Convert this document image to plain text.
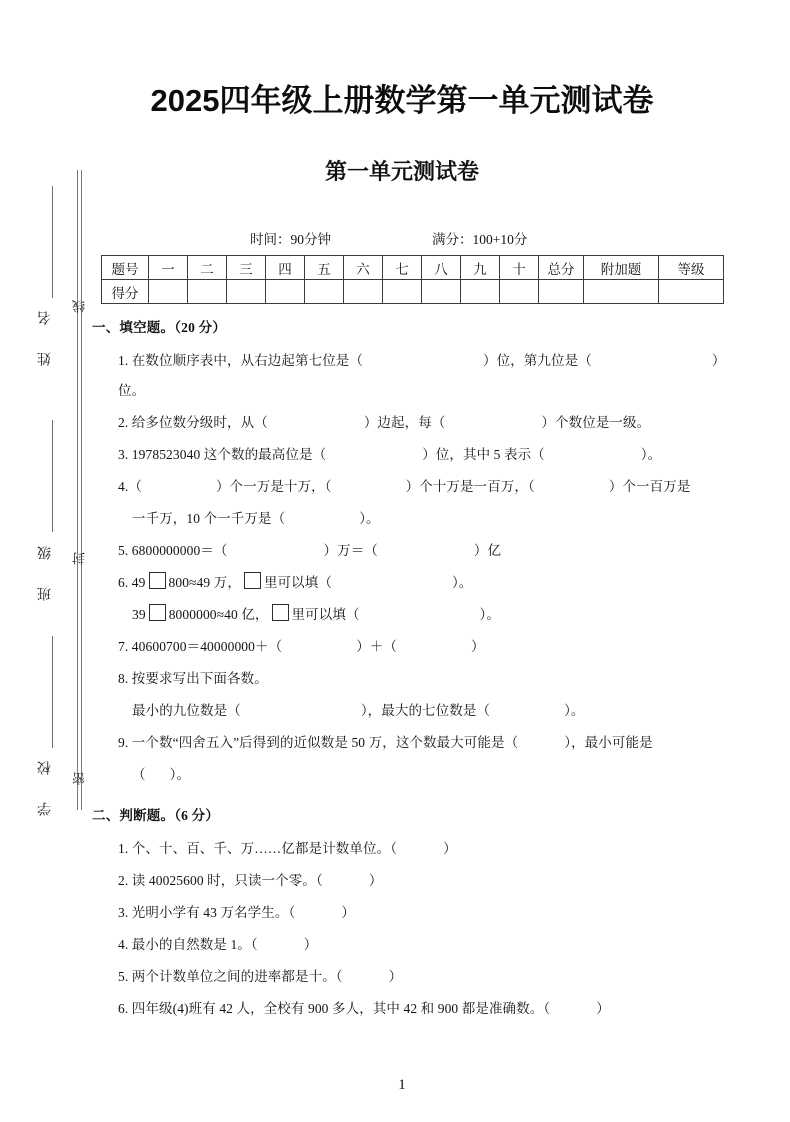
线
封
密
姓 名
班 级
学 校
2025四年级上册数学第一单元测试卷
第一单元测试卷
时间：90分钟	满分：100+10分
题号	一	二	三	四	五	六	七	八	九	十	总分	附加题	等级
得分													
一、填空题。（20 分）
1. 在数位顺序表中，从右边起第七位是（	）位，第九位是（	）位。
2. 给多位数分级时，从（	）边起，每（	）个数位是一级。
3. 1978523040 这个数的最高位是（	）位，其中 5 表示（	）。
4.（	）个一万是十万，（	）个十万是一百万，（	）个一百万是
一千万，10 个一千万是（	）。
5. 6800000000＝（	）万＝（	）亿
6. 49 800≈49 万， 里可以填（	）。
39 8000000≈40 亿， 里可以填（	）。
7. 40600700＝40000000＋（	）＋（	）
8. 按要求写出下面各数。
最小的九位数是（	），最大的七位数是（	）。
9. 一个数“四舍五入”后得到的近似数是 50 万，这个数最大可能是（	），最小可能是
（ ）。
二、判断题。（6 分）
1. 个、十、百、千、万……亿都是计数单位。（	）
2. 读 40025600 时，只读一个零。（	）
3. 光明小学有 43 万名学生。（	）
4. 最小的自然数是 1。（	）
5. 两个计数单位之间的进率都是十。（	）
6. 四年级(4)班有 42 人，全校有 900 多人，其中 42 和 900 都是准确数。（	）
1
